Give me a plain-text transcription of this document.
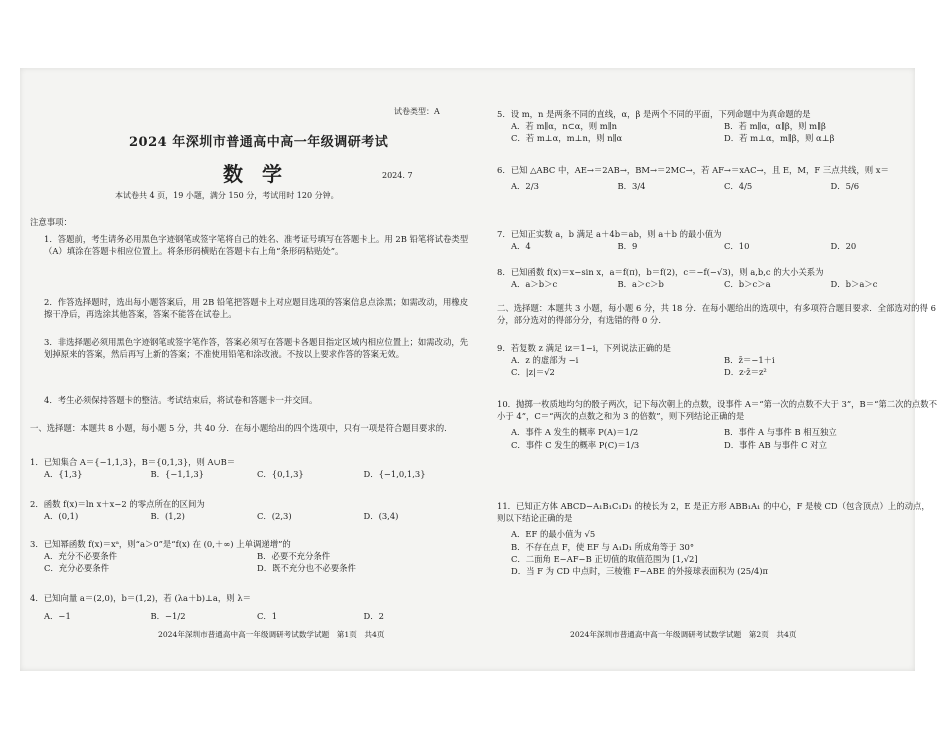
试卷类型：A
2024 年深圳市普通高中高一年级调研考试
数 学	2024. 7
本试卷共 4 页，19 小题，满分 150 分，考试用时 120 分钟。
注意事项：
1．答题前，考生请务必用黑色字迹钢笔或签字笔将自己的姓名、准考证号填写在答题卡上。用 2B 铅笔将试卷类型（A）填涂在答题卡相应位置上。将条形码横贴在答题卡右上角“条形码粘贴处”。
2．作答选择题时，选出每小题答案后，用 2B 铅笔把答题卡上对应题目选项的答案信息点涂黑；如需改动，用橡皮擦干净后，再选涂其他答案，答案不能答在试卷上。
3．非选择题必须用黑色字迹钢笔或签字笔作答，答案必须写在答题卡各题目指定区域内相应位置上；如需改动，先划掉原来的答案，然后再写上新的答案；不准使用铅笔和涂改液。不按以上要求作答的答案无效。
4．考生必须保持答题卡的整洁。考试结束后，将试卷和答题卡一并交回。
一、选择题：本题共 8 小题，每小题 5 分，共 40 分．在每小题给出的四个选项中，只有一项是符合题目要求的．
1．已知集合 A＝{−1,1,3}，B＝{0,1,3}，则 A∪B＝
A．{1,3}	B．{−1,1,3}	C．{0,1,3}	D．{−1,0,1,3}
2．函数 f(x)＝ln x＋x−2 的零点所在的区间为
A．(0,1)	B．(1,2)	C．(2,3)	D．(3,4)
3．已知幂函数 f(x)＝xᵃ，则“a＞0”是“f(x) 在 (0,＋∞) 上单调递增”的
A．充分不必要条件	B．必要不充分条件
C．充分必要条件	D．既不充分也不必要条件
4．已知向量 a＝(2,0)，b＝(1,2)，若 (λa＋b)⊥a，则 λ＝
A．−1	B．−1/2	C．1	D．2
5．设 m，n 是两条不同的直线，α，β 是两个不同的平面，下列命题中为真命题的是
A．若 m∥α，n⊂α，则 m∥n	B．若 m∥α，α∥β，则 m∥β
C．若 m⊥α，m⊥n，则 n∥α	D．若 m⊥α，m∥β，则 α⊥β
6．已知 △ABC 中，AE→＝2AB→，BM→＝2MC→，若 AF→＝xAC→，且 E，M，F 三点共线，则 x＝
A．2/3	B．3/4	C．4/5	D．5/6
7．已知正实数 a，b 满足 a＋4b＝ab，则 a＋b 的最小值为
A．4	B．9	C．10	D．20
8．已知函数 f(x)＝x−sin x，a＝f(π)，b＝f(2)，c＝−f(−√3)，则 a,b,c 的大小关系为
A．a＞b＞c	B．a＞c＞b	C．b＞c＞a	D．b＞a＞c
二、选择题：本题共 3 小题，每小题 6 分，共 18 分．在每小题给出的选项中，有多项符合题目要求．全部选对的得 6 分，部分选对的得部分分，有选错的得 0 分．
9．若复数 z 满足 iz＝1−i，下列说法正确的是
A．z 的虚部为 −i	B．z̄＝−1＋i
C．|z|＝√2	D．z·z̄＝z²
10．抛掷一枚质地均匀的骰子两次，记下每次朝上的点数，设事件 A＝“第一次的点数不大于 3”，B＝“第二次的点数不小于 4”，C＝“两次的点数之和为 3 的倍数”，则下列结论正确的是
A．事件 A 发生的概率 P(A)＝1/2	B．事件 A 与事件 B 相互独立
C．事件 C 发生的概率 P(C)＝1/3	D．事件 AB 与事件 C 对立
11．已知正方体 ABCD−A₁B₁C₁D₁ 的棱长为 2，E 是正方形 ABB₁A₁ 的中心，F 是棱 CD（包含顶点）上的动点，则以下结论正确的是
A．EF 的最小值为 √5
B．不存在点 F，使 EF 与 A₁D₁ 所成角等于 30°
C．二面角 E−AF−B 正切值的取值范围为 [1,√2]
D．当 F 为 CD 中点时，三棱锥 F−ABE 的外接球表面积为 (25/4)π
2024年深圳市普通高中高一年级调研考试数学试题　第1页　共4页	2024年深圳市普通高中高一年级调研考试数学试题　第2页　共4页
